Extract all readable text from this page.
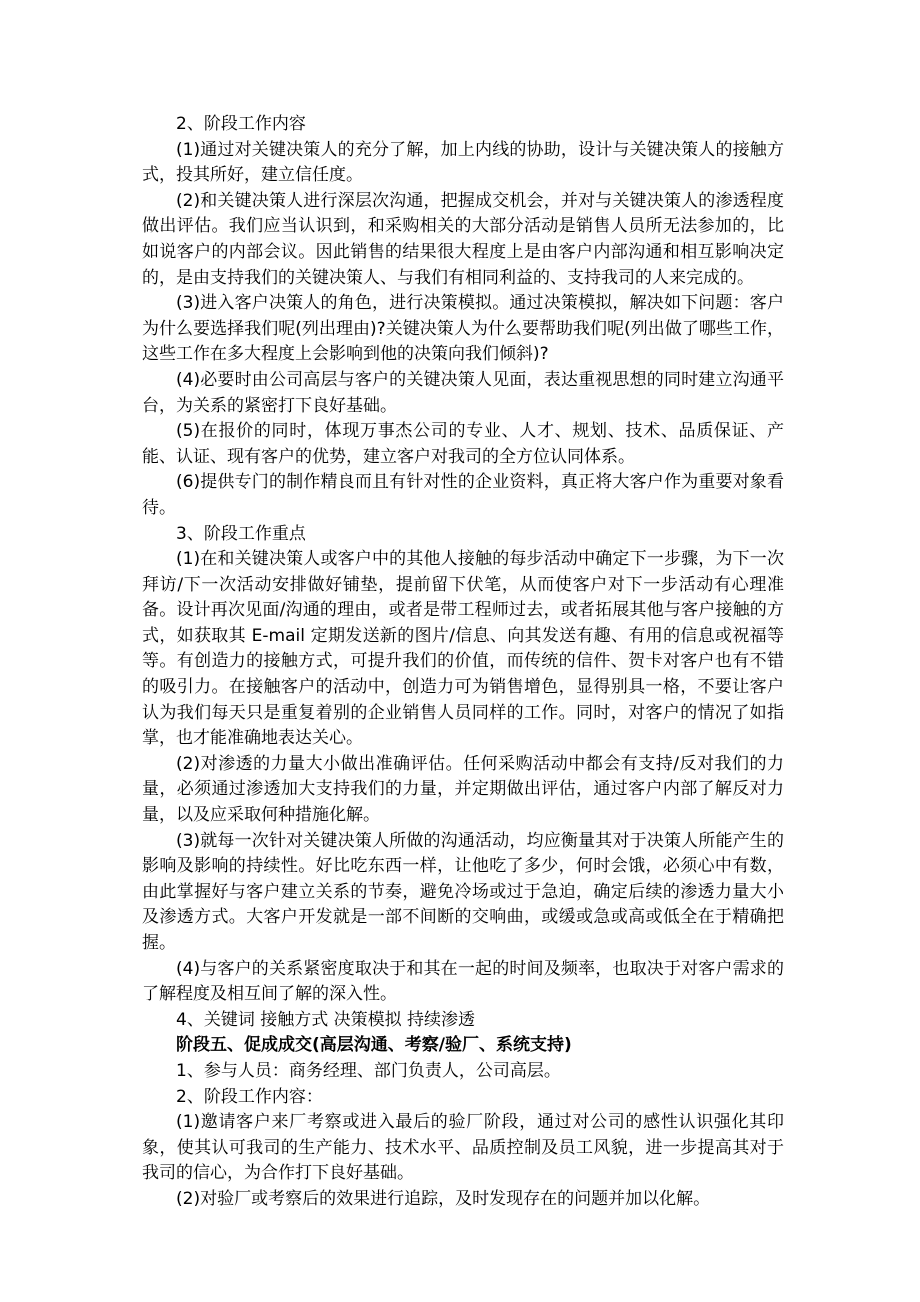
2、阶段工作内容

(1)通过对关键决策人的充分了解，加上内线的协助，设计与关键决策人的接触方式，投其所好，建立信任度。

(2)和关键决策人进行深层次沟通，把握成交机会，并对与关键决策人的渗透程度做出评估。我们应当认识到，和采购相关的大部分活动是销售人员所无法参加的，比如说客户的内部会议。因此销售的结果很大程度上是由客户内部沟通和相互影响决定的，是由支持我们的关键决策人、与我们有相同利益的、支持我司的人来完成的。

(3)进入客户决策人的角色，进行决策模拟。通过决策模拟，解决如下问题：客户为什么要选择我们呢(列出理由)?关键决策人为什么要帮助我们呢(列出做了哪些工作，这些工作在多大程度上会影响到他的决策向我们倾斜)?

(4)必要时由公司高层与客户的关键决策人见面，表达重视思想的同时建立沟通平台，为关系的紧密打下良好基础。

(5)在报价的同时，体现万事杰公司的专业、人才、规划、技术、品质保证、产能、认证、现有客户的优势，建立客户对我司的全方位认同体系。

(6)提供专门的制作精良而且有针对性的企业资料，真正将大客户作为重要对象看待。

3、阶段工作重点

(1)在和关键决策人或客户中的其他人接触的每步活动中确定下一步骤，为下一次拜访/下一次活动安排做好铺垫，提前留下伏笔，从而使客户对下一步活动有心理准备。设计再次见面/沟通的理由，或者是带工程师过去，或者拓展其他与客户接触的方式，如获取其 E-mail 定期发送新的图片/信息、向其发送有趣、有用的信息或祝福等等。有创造力的接触方式，可提升我们的价值，而传统的信件、贺卡对客户也有不错的吸引力。在接触客户的活动中，创造力可为销售增色，显得别具一格，不要让客户认为我们每天只是重复着别的企业销售人员同样的工作。同时，对客户的情况了如指掌，也才能准确地表达关心。

(2)对渗透的力量大小做出准确评估。任何采购活动中都会有支持/反对我们的力量，必须通过渗透加大支持我们的力量，并定期做出评估，通过客户内部了解反对力量，以及应采取何种措施化解。

(3)就每一次针对关键决策人所做的沟通活动，均应衡量其对于决策人所能产生的影响及影响的持续性。好比吃东西一样，让他吃了多少，何时会饿，必须心中有数，由此掌握好与客户建立关系的节奏，避免冷场或过于急迫，确定后续的渗透力量大小及渗透方式。大客户开发就是一部不间断的交响曲，或缓或急或高或低全在于精确把握。

(4)与客户的关系紧密度取决于和其在一起的时间及频率，也取决于对客户需求的了解程度及相互间了解的深入性。

4、关键词 接触方式 决策模拟 持续渗透

阶段五、促成成交(高层沟通、考察/验厂、系统支持)

1、参与人员：商务经理、部门负责人，公司高层。

2、阶段工作内容：

(1)邀请客户来厂考察或进入最后的验厂阶段，通过对公司的感性认识强化其印象，使其认可我司的生产能力、技术水平、品质控制及员工风貌，进一步提高其对于我司的信心，为合作打下良好基础。

(2)对验厂或考察后的效果进行追踪，及时发现存在的问题并加以化解。
